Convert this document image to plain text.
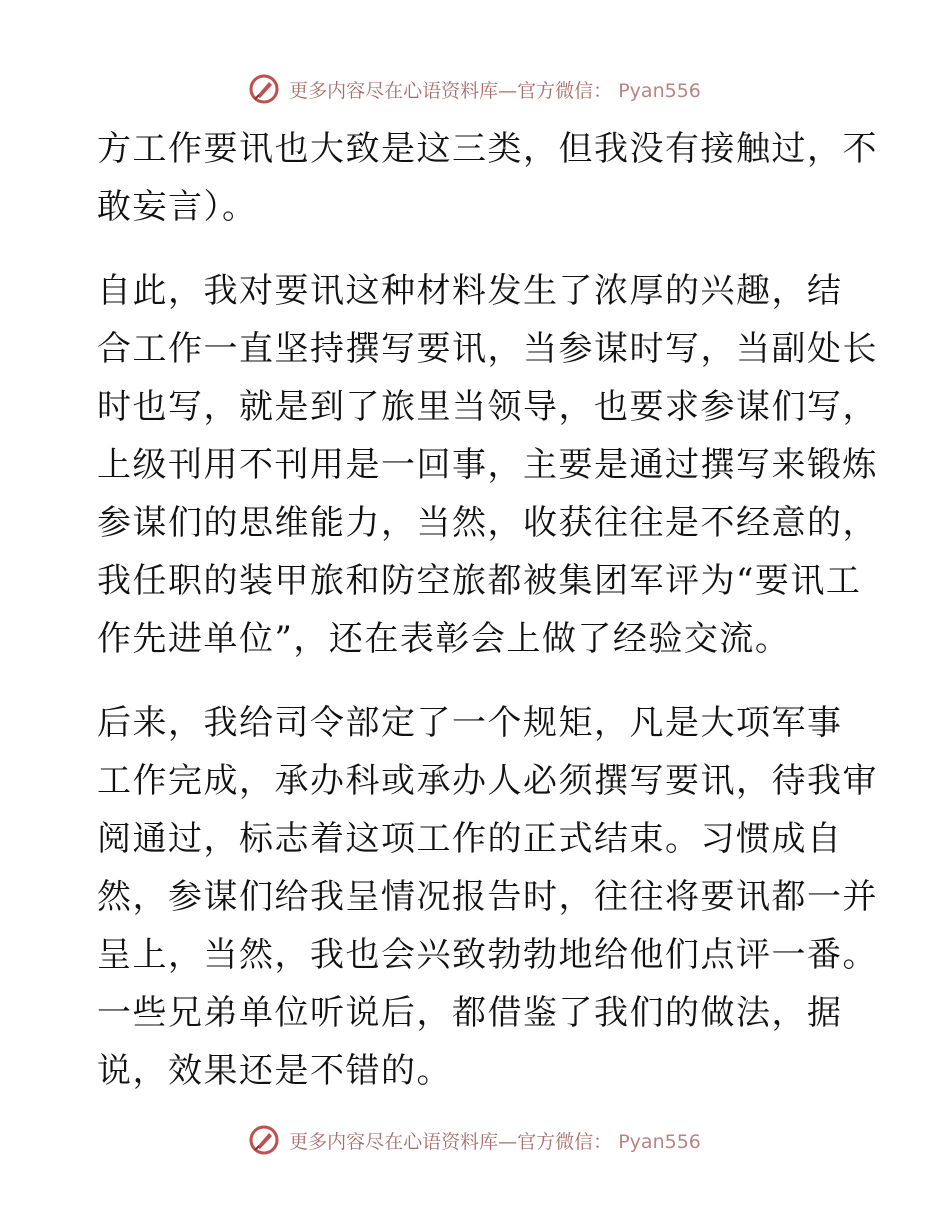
更多内容尽在心语资料库—官方微信： Pyan556

方工作要讯也大致是这三类，但我没有接触过，不
敢妄言）。

自此，我对要讯这种材料发生了浓厚的兴趣，结
合工作一直坚持撰写要讯，当参谋时写，当副处长
时也写，就是到了旅里当领导，也要求参谋们写，
上级刊用不刊用是一回事，主要是通过撰写来锻炼
参谋们的思维能力，当然，收获往往是不经意的，
我任职的装甲旅和防空旅都被集团军评为“要讯工
作先进单位”，还在表彰会上做了经验交流。

后来，我给司令部定了一个规矩，凡是大项军事
工作完成，承办科或承办人必须撰写要讯，待我审
阅通过，标志着这项工作的正式结束。习惯成自
然，参谋们给我呈情况报告时，往往将要讯都一并
呈上，当然，我也会兴致勃勃地给他们点评一番。
一些兄弟单位听说后，都借鉴了我们的做法，据
说，效果还是不错的。

更多内容尽在心语资料库—官方微信： Pyan556
